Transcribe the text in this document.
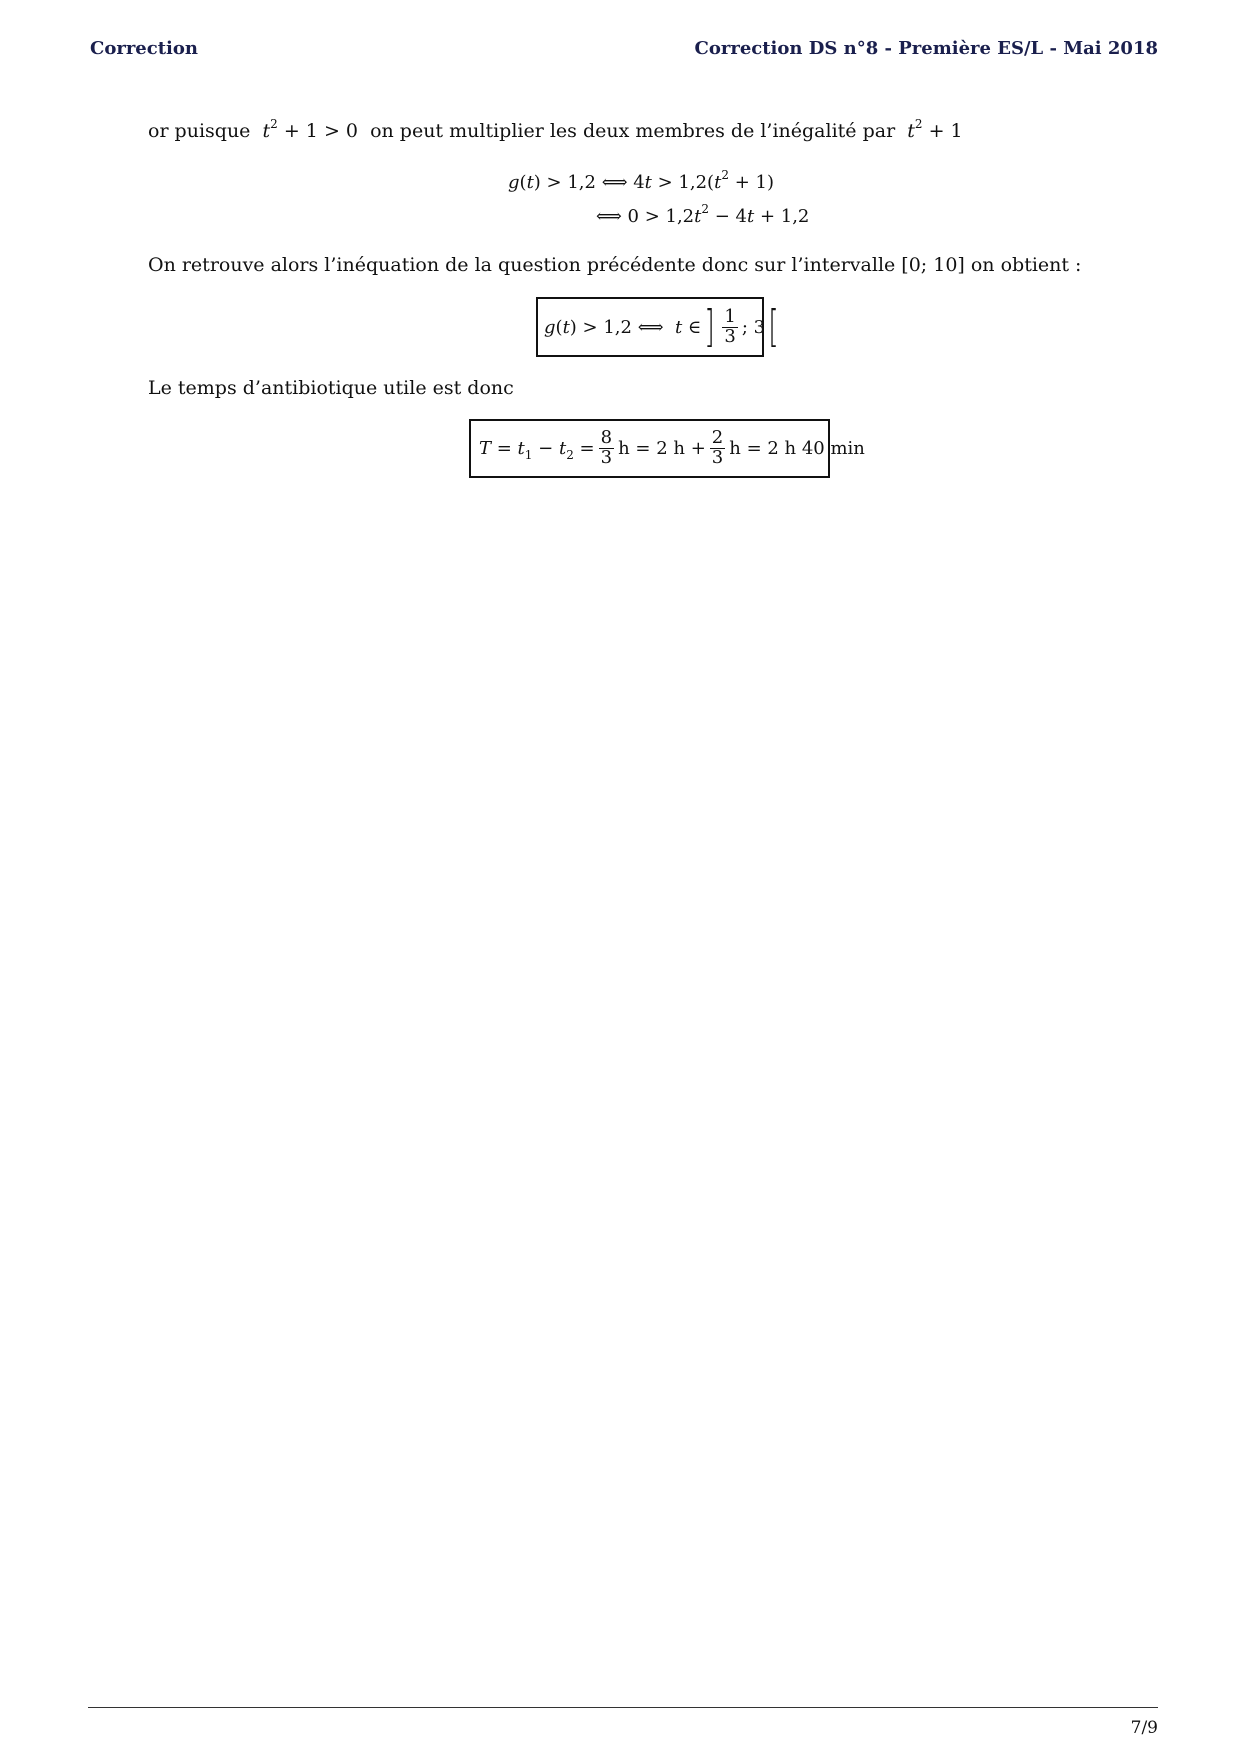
Correction	Correction DS n°8 - Première ES/L - Mai 2018
or puisque $t^2 + 1 > 0$  on peut multiplier les deux membres de l’inégalité par $t^2 + 1$
g(t) > 1,2 ⟺ $4t > 1,2(t^2 + 1)$
⟺ $0 > 1,2t^2 - 4t + 1,2$
On retrouve alors l’inéquation de la question précédente donc sur l’intervalle [0; 10] on obtient :
g(t) > 1,2 ⟺  t ∈ ] $\frac{1}{3}$ ; 3 [
Le temps d’antibiotique utile est donc
$T = t_1 - t_2 = \frac{8}{3}$ h = 2 $h + \frac{2}{3}$ h = 2 h 40 min
7/9
